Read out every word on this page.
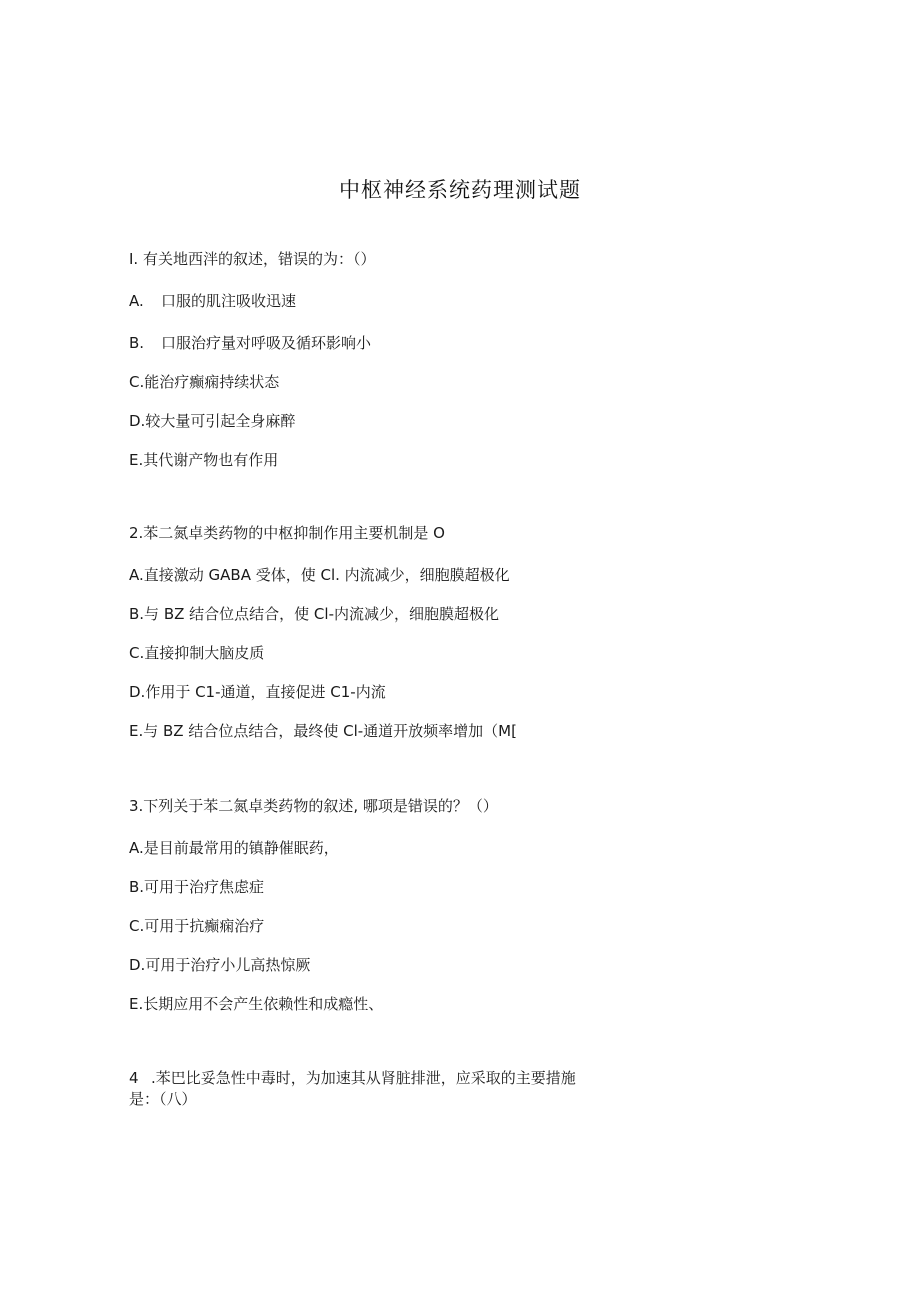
中枢神经系统药理测试题
I. 有关地西泮的叙述，错误的为：（）
A. 口服的肌注吸收迅速
B. 口服治疗量对呼吸及循环影响小
C.能治疗癫痫持续状态
D.较大量可引起全身麻醉
E.其代谢产物也有作用
2.苯二氮卓类药物的中枢抑制作用主要机制是 O
A.直接激动 GABA 受体，使 Cl. 内流减少，细胞膜超极化
B.与 BZ 结合位点结合，使 Cl-内流减少，细胞膜超极化
C.直接抑制大脑皮质
D.作用于 C1-通道，直接促进 C1-内流
E.与 BZ 结合位点结合，最终使 Cl-通道开放频率增加（M[
3.下列关于苯二氮卓类药物的叙述, 哪项是错误的？（）
A.是目前最常用的镇静催眠药，
B.可用于治疗焦虑症
C.可用于抗癫痫治疗
D.可用于治疗小儿高热惊厥
E.长期应用不会产生依赖性和成瘾性、
4 .苯巴比妥急性中毒时，为加速其从肾脏排泄，应采取的主要措施
是：（八）
